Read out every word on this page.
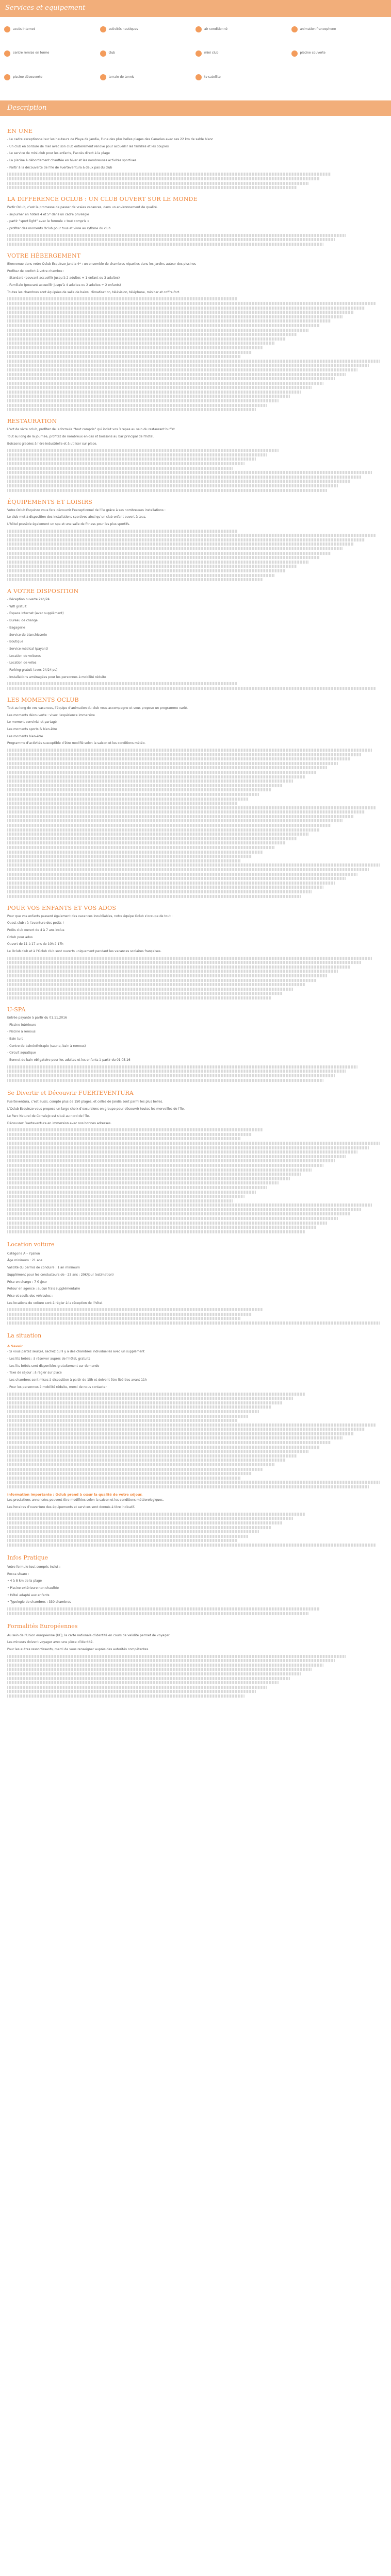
Services et equipement
accès Internet	activités nautiques	air conditionné	animation francophone
centre remise en forme	club	mini club	piscine couverte
piscine découverte	terrain de tennis	tv satellite
Description
EN UNE

- Le cadre exceptionnel sur les hauteurs de Playa de Jandia, l’une des plus belles plages des Canaries avec ses 22 km de sable blanc

- Un club en bordure de mer avec son club entièrement rénové pour accueillir les familles et les couples

- Le service de mini-club pour les enfants, l’accès direct à la plage

- La piscine à débordement chauffée en hiver et les nombreuses activités sportives

- Partir à la découverte de l’île de Fuerteventura à deux pas du club

LA DIFFERENCE OCLUB : UN CLUB OUVERT SUR LE MONDE

Partir Oclub, c’est la promesse de passer de vraies vacances, dans un environnement de qualité.

- séjourner en hôtels 4 et 5* dans un cadre privilégié

- partir “sport light” avec le formule « tout compris »

- profiter des moments Oclub pour tous et vivre au rythme du club

VOTRE HÉBERGEMENT

Bienvenue dans votre Oclub Esquinzo Jandia 4* : un ensemble de chambres réparties dans les jardins autour des piscines

Profitez de confort à votre chambre :

- Standard (pouvant accueillir jusqu’à 2 adultes + 1 enfant ou 3 adultes)

- Familiale (pouvant accueillir jusqu’à 4 adultes ou 2 adultes + 2 enfants)

Toutes les chambres sont équipées de salle de bains, climatisation, télévision, téléphone, minibar et coffre-fort.

RESTAURATION

L’art de vivre oclub, profitez de la formule “tout compris” qui inclut vos 3 repas au sein du restaurant buffet

Tout au long de la journée, profitez de nombreux en-cas et boissons au bar principal de l’hôtel.

Boissons glacées à l’ère industrielle et à utiliser sur place.

ÉQUIPEMENTS ET LOISIRS

Votre Oclub Esquinzo vous fera découvrir l’exceptionnel de l’île grâce à ses nombreuses installations :

Le club met à disposition des installations sportives ainsi qu’un club enfant ouvert à tous.

L’hôtel possède également un spa et une salle de fitness pour les plus sportifs.

A VOTRE DISPOSITION

- Réception ouverte 24h/24

- Wifi gratuit

- Espace Internet (avec supplément)

- Bureau de change

- Bagagerie

- Service de blanchisserie

- Boutique

- Service médical (payant)

- Location de voitures

- Location de vélos

- Parking gratuit (avec 24/24 ps)

- Installations aménagées pour les personnes à mobilité réduite

LES MOMENTS OCLUB

Tout au long de vos vacances, l’équipe d’animation du club vous accompagne et vous propose un programme varié.

Les moments découverte : vivez l’expérience immersive

Le moment convivial et partagé

Les moments sports & bien-être

Les moments bien-être

Programme d’activités susceptible d’être modifié selon la saison et les conditions météo.

POUR VOS ENFANTS ET VOS ADOS

Pour que vos enfants passent également des vacances inoubliables, notre équipe Oclub s’occupe de tout :

Ouest club : à l’aventure des petits !

Petits club ouvert de 4 à 7 ans inclus

Oclub pour ados

Ouvert de 11 à 17 ans de 10h à 17h

Le Oclub club et à l’Oclub club sont ouverts uniquement pendant les vacances scolaires françaises.

U-SPA

Entrée payante à partir du 01.11.2016

- Piscine intérieure

- Piscine à remous

- Bain turc

- Centre de balnéothérapie (sauna, bain à remous)

- Circuit aquatique

- Bonnet de bain obligatoire pour les adultes et les enfants à partir du 01.05.16

Se Divertir et Découvrir FUERTEVENTURA

Fuerteventura, c’est aussi, compte plus de 150 plages, et celles de Jandia sont parmi les plus belles.

L’Oclub Esquinzo vous propose un large choix d’excursions en groupe pour découvrir toutes les merveilles de l’île.

Le Parc Naturel de Corralejo est situé au nord de l’île.

Découvrez Fuerteventura en immersion avec nos bonnes adresses.

Location voiture

Catégorie A – Ypsilon

Âge minimum : 21 ans

Validité du permis de conduire : 1 an minimum

Supplément pour les conducteurs de - 23 ans : 20€/jour (estimation)

Prise en charge : 7 € /jour

Retour en agence : aucun frais supplémentaire

Prise et seuils des véhicules :

Les locations de voiture sont à régler à la réception de l’hôtel.

La situation
A Savoir

- Si vous partez seul(e), sachez qu’il y a des chambres individuelles avec un supplément

- Les lits bébés : à réserver auprès de l’hôtel, gratuits

- Les lits bébés sont disponibles gratuitement sur demande

- Taxe de séjour : à régler sur place

- Les chambres sont mises à disposition à partir de 15h et doivent être libérées avant 11h

- Pour les personnes à mobilité réduite, merci de nous contacter

Information importante : Oclub prend à cœur la qualité de votre séjour.

Les prestations annoncées peuvent être modifiées selon la saison et les conditions météorologiques.

Les horaires d’ouverture des équipements et services sont donnés à titre indicatif.

Infos Pratique

Votre formule tout compris inclut :

Rocca sfuare :

• 4 à 8 km de la plage

• Piscine extérieure non chauffée

• Hôtel adapté aux enfants

• Typologie de chambres : 330 chambres

Formalités Européennes

Au sein de l’Union européenne (UE), la carte nationale d’identité en cours de validité permet de voyager.

Les mineurs doivent voyager avec une pièce d’identité.

Pour les autres ressortissants, merci de vous renseigner auprès des autorités compétentes.
